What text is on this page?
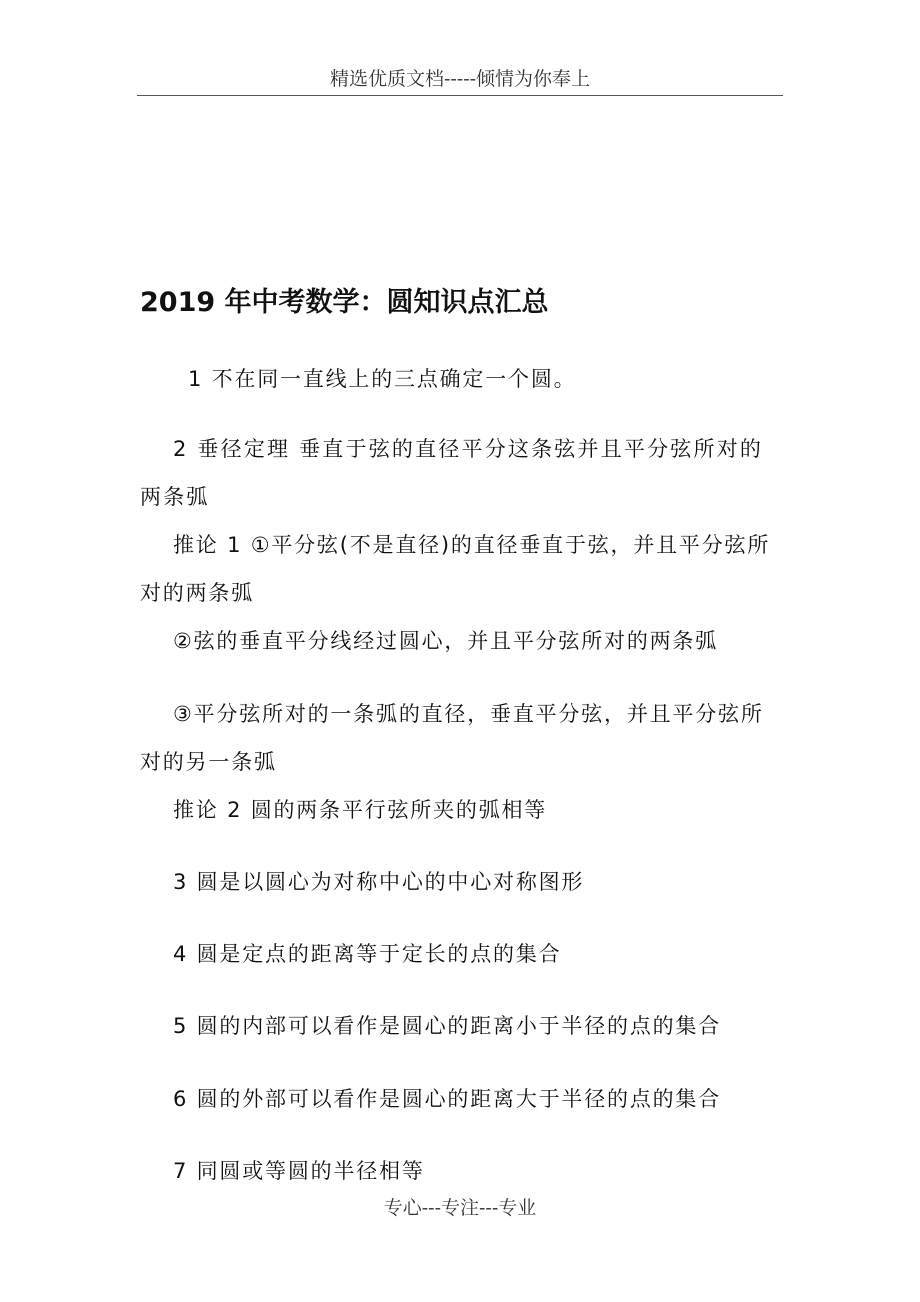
精选优质文档-----倾情为你奉上
2019 年中考数学：圆知识点汇总
1 不在同一直线上的三点确定一个圆。
2 垂径定理 垂直于弦的直径平分这条弦并且平分弦所对的两条弧
推论 1 ①平分弦(不是直径)的直径垂直于弦，并且平分弦所对的两条弧
②弦的垂直平分线经过圆心，并且平分弦所对的两条弧
③平分弦所对的一条弧的直径，垂直平分弦，并且平分弦所对的另一条弧
推论 2 圆的两条平行弦所夹的弧相等
3 圆是以圆心为对称中心的中心对称图形
4 圆是定点的距离等于定长的点的集合
5 圆的内部可以看作是圆心的距离小于半径的点的集合
6 圆的外部可以看作是圆心的距离大于半径的点的集合
7 同圆或等圆的半径相等
专心---专注---专业
